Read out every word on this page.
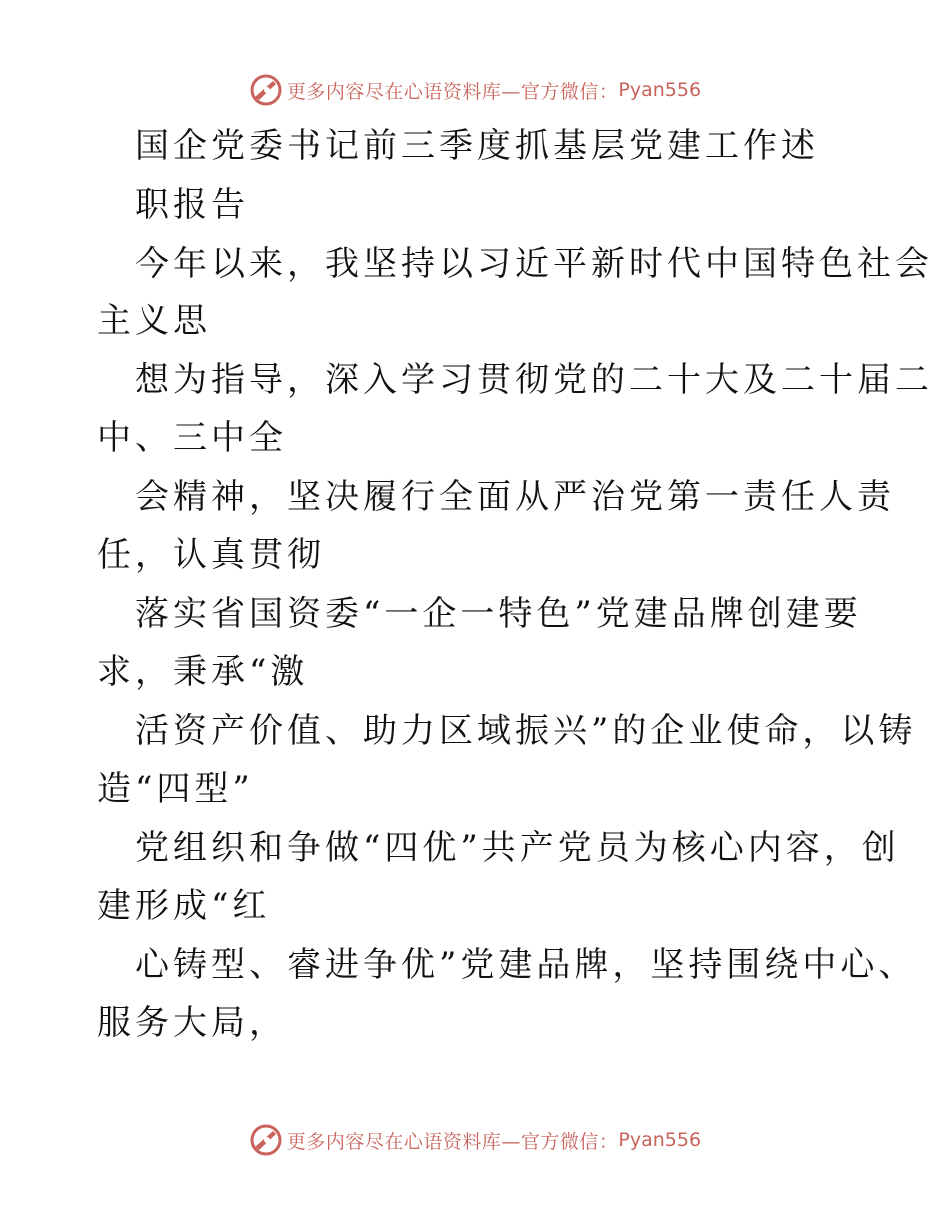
更多内容尽在心语资料库—官方微信： Pyan556
国企党委书记前三季度抓基层党建工作述
职报告
今年以来，我坚持以习近平新时代中国特色社会
主义思
想为指导，深入学习贯彻党的二十大及二十届二
中、三中全
会精神，坚决履行全面从严治党第一责任人责
任，认真贯彻
落实省国资委“一企一特色”党建品牌创建要
求，秉承“激
活资产价值、助力区域振兴”的企业使命，以铸
造“四型”
党组织和争做“四优”共产党员为核心内容，创
建形成“红
心铸型、睿进争优”党建品牌，坚持围绕中心、
服务大局，
更多内容尽在心语资料库—官方微信： Pyan556
